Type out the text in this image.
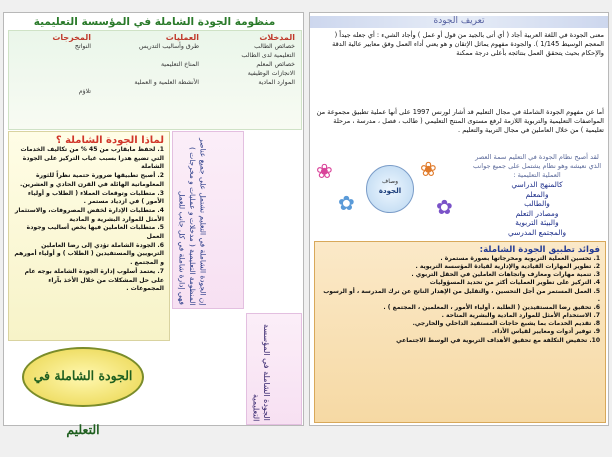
منظومة الجودة الشاملة في المؤسسة التعليمية
المدخلات
خصائص الطالب
التعليمية لدى الطالب
خصائص المعلم
الانجازات الوظيفية
الموارد المادية
العمليات
طرق وأساليب التدريس
المناخ التعليمية
الأنشطة العلمية و العملية
المخرجات
النواتج
تلاؤم
لماذا الجودة الشاملة ؟
1. لحفظ مابقارب من 45 % من تكاليف الخدمات التي تضيع هدرا بسبب غياب التركيز على الجودة الشاملة
2. أصبح تطبيقها ضرورة حتمية نظراً للثورة المعلوماتية الهائلة في القرن الحادي و العشرين.
3. متطلبات وتوقعات العملاء ( الطلاب و أولياء الأمور ) في ازدياد مستمر .
4. متطلبات الإدارة لخفض المصروفات، والاستثمار الأمثل للموارد البشرية و المادية
5. متطلبات العاملين فيها بخص أساليب وجودة العمل
6. الجودة الشاملة تؤدي إلى رضا العاملين التربويين والمستفيدين ( الطلاب ) و أولياء أمورهم و المجتمع .
7. يعتمد أسلوب إدارة الجودة الشاملة بوجه عام على حل المشكلات من خلال الأخذ بآراء المجموعات .	إن الجودة الشاملة في التعليم تشتمل على جميع عناصر المنظومة التعليمية ( مدخلات و عمليات و مخرجات ) فهي إدارة شاملة في كل جانب للعمل
الجودة الشاملة في المؤسسة التعليمية
الجودة الشاملة في التعليم
تعريف الجودة
معنى الجودة في اللغة العربية أجاد ( أي أتى بالجيد من قول أو عمل ) وأجاد الشيء : أي جعله جيداً ( المعجم الوسيط 1/145 ). والجودة مفهوم يماثل الإتقان و هو يعني أداء العمل وفق معايير عالية الدقة والإحكام بحيث يتحقق العمل بنتائجه بأعلى درجة ممكنة
أما عن مفهوم الجودة الشاملة في مجال التعليم قد أشار لورنس 1997 على أنها عملية تطبيق مجموعة من المواصفات التعليمية والتربوية اللازمة لرفع مستوى المنتج التعليمي ( طالب ، فصل ، مدرسة ، مرحلة تعليمية ) من خلال العاملين في مجال التربية والتعليم .
❀
✿
❀
✿
وصاف
الجودة
لقد أصبح نظام الجودة في التعليم سمة العصر الذي نعيشه وهو نظام يشتمل على جميع جوانب العملية التعليمية :
كالمنهج الدراسي
والمعلم
والطالب
ومصادر التعلم
والبيئة التربوية
والمجتمع المدرسي
فوائد تطبيق الجودة الشاملة:
1. تحسين العملية التربوية ومخرجاتها بصورة مستمرة .
2. تطوير المهارات القيادية والإدارية لقيادة المؤسسة التربوية .
3. تنمية مهارات ومعارف واتجاهات العاملين في الحقل التربوي .
4. التركيز على تطوير العمليات أكثر من تحديد المسؤوليات
5. العمل المستمر من أجل التحسين ، والتقليل من الإهدار الناتج عن ترك المدرسة ، أو الرسوب .
6. تحقيق رضا المستفيدين ( الطلبة ، أولياء الأمور ، المعلمين ، المجتمع ) .
7. الاستخدام الأمثل للموارد المادية والبشرية المتاحة .
8. تقديم الخدمات بما يشبع حاجات المستفيد الداخلي والخارجي.
9. توفير أدوات ومعايير لقياس الأداء.
10. تخفيض التكلفة مع تحقيق الأهداف التربوية في الوسط الاجتماعي
